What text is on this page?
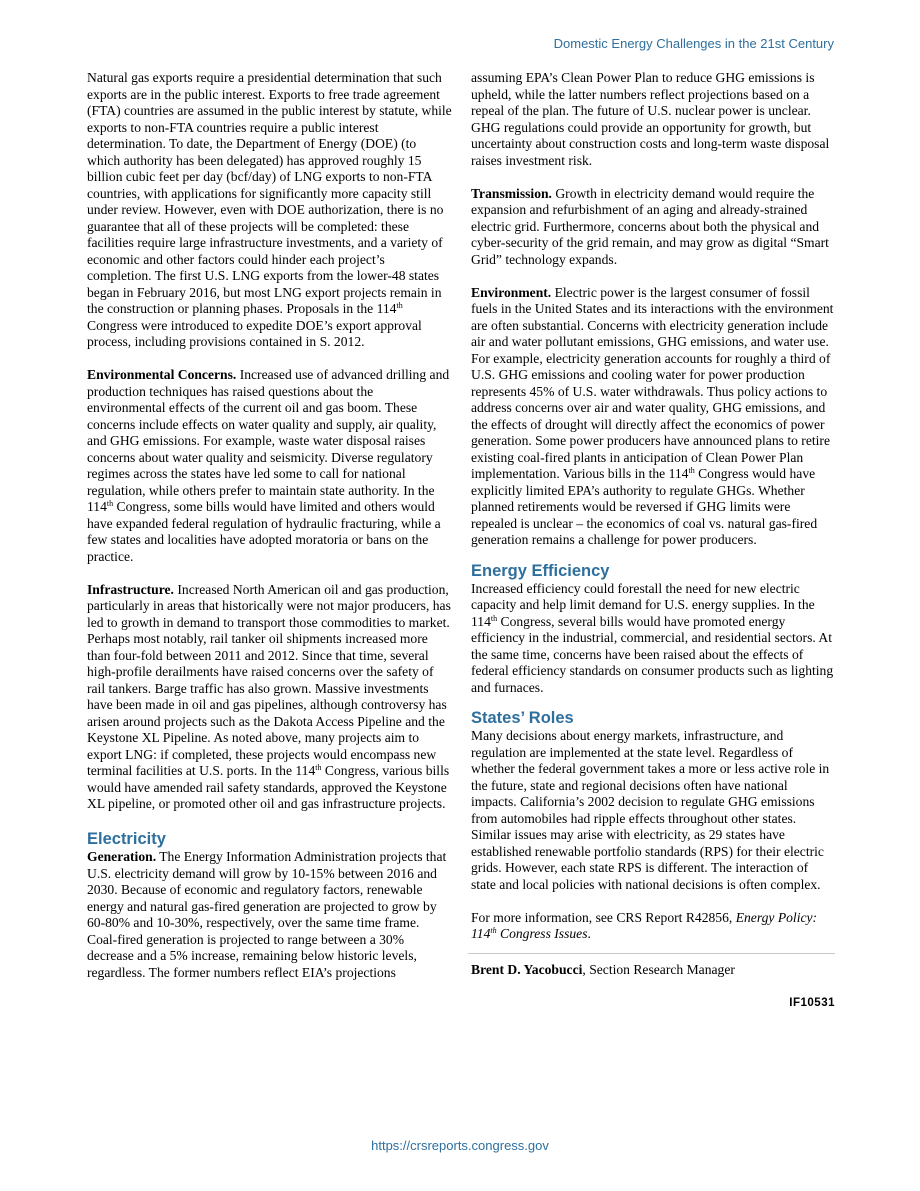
Domestic Energy Challenges in the 21st Century

Natural gas exports require a presidential determination that such exports are in the public interest. Exports to free trade agreement (FTA) countries are assumed in the public interest by statute, while exports to non-FTA countries require a public interest determination. To date, the Department of Energy (DOE) (to which authority has been delegated) has approved roughly 15 billion cubic feet per day (bcf/day) of LNG exports to non-FTA countries, with applications for significantly more capacity still under review. However, even with DOE authorization, there is no guarantee that all of these projects will be completed: these facilities require large infrastructure investments, and a variety of economic and other factors could hinder each project’s completion. The first U.S. LNG exports from the lower-48 states began in February 2016, but most LNG export projects remain in the construction or planning phases. Proposals in the 114th Congress were introduced to expedite DOE’s export approval process, including provisions contained in S. 2012.

Environmental Concerns. Increased use of advanced drilling and production techniques has raised questions about the environmental effects of the current oil and gas boom. These concerns include effects on water quality and supply, air quality, and GHG emissions. For example, waste water disposal raises concerns about water quality and seismicity. Diverse regulatory regimes across the states have led some to call for national regulation, while others prefer to maintain state authority. In the 114th Congress, some bills would have limited and others would have expanded federal regulation of hydraulic fracturing, while a few states and localities have adopted moratoria or bans on the practice.

Infrastructure. Increased North American oil and gas production, particularly in areas that historically were not major producers, has led to growth in demand to transport those commodities to market. Perhaps most notably, rail tanker oil shipments increased more than four-fold between 2011 and 2012. Since that time, several high-profile derailments have raised concerns over the safety of rail tankers. Barge traffic has also grown. Massive investments have been made in oil and gas pipelines, although controversy has arisen around projects such as the Dakota Access Pipeline and the Keystone XL Pipeline. As noted above, many projects aim to export LNG: if completed, these projects would encompass new terminal facilities at U.S. ports. In the 114th Congress, various bills would have amended rail safety standards, approved the Keystone XL pipeline, or promoted other oil and gas infrastructure projects.

Electricity

Generation. The Energy Information Administration projects that U.S. electricity demand will grow by 10-15% between 2016 and 2030. Because of economic and regulatory factors, renewable energy and natural gas-fired generation are projected to grow by 60-80% and 10-30%, respectively, over the same time frame. Coal-fired generation is projected to range between a 30% decrease and a 5% increase, remaining below historic levels, regardless. The former numbers reflect EIA’s projections

assuming EPA’s Clean Power Plan to reduce GHG emissions is upheld, while the latter numbers reflect projections based on a repeal of the plan. The future of U.S. nuclear power is unclear. GHG regulations could provide an opportunity for growth, but uncertainty about construction costs and long-term waste disposal raises investment risk.

Transmission. Growth in electricity demand would require the expansion and refurbishment of an aging and already-strained electric grid. Furthermore, concerns about both the physical and cyber-security of the grid remain, and may grow as digital “Smart Grid” technology expands.

Environment. Electric power is the largest consumer of fossil fuels in the United States and its interactions with the environment are often substantial. Concerns with electricity generation include air and water pollutant emissions, GHG emissions, and water use. For example, electricity generation accounts for roughly a third of U.S. GHG emissions and cooling water for power production represents 45% of U.S. water withdrawals. Thus policy actions to address concerns over air and water quality, GHG emissions, and the effects of drought will directly affect the economics of power generation. Some power producers have announced plans to retire existing coal-fired plants in anticipation of Clean Power Plan implementation. Various bills in the 114th Congress would have explicitly limited EPA’s authority to regulate GHGs. Whether planned retirements would be reversed if GHG limits were repealed is unclear – the economics of coal vs. natural gas-fired generation remains a challenge for power producers.

Energy Efficiency

Increased efficiency could forestall the need for new electric capacity and help limit demand for U.S. energy supplies. In the 114th Congress, several bills would have promoted energy efficiency in the industrial, commercial, and residential sectors. At the same time, concerns have been raised about the effects of federal efficiency standards on consumer products such as lighting and furnaces.

States’ Roles

Many decisions about energy markets, infrastructure, and regulation are implemented at the state level. Regardless of whether the federal government takes a more or less active role in the future, state and regional decisions often have national impacts. California’s 2002 decision to regulate GHG emissions from automobiles had ripple effects throughout other states. Similar issues may arise with electricity, as 29 states have established renewable portfolio standards (RPS) for their electric grids. However, each state RPS is different. The interaction of state and local policies with national decisions is often complex.

For more information, see CRS Report R42856, Energy Policy: 114th Congress Issues.

Brent D. Yacobucci, Section Research Manager

IF10531
https://crsreports.congress.gov
